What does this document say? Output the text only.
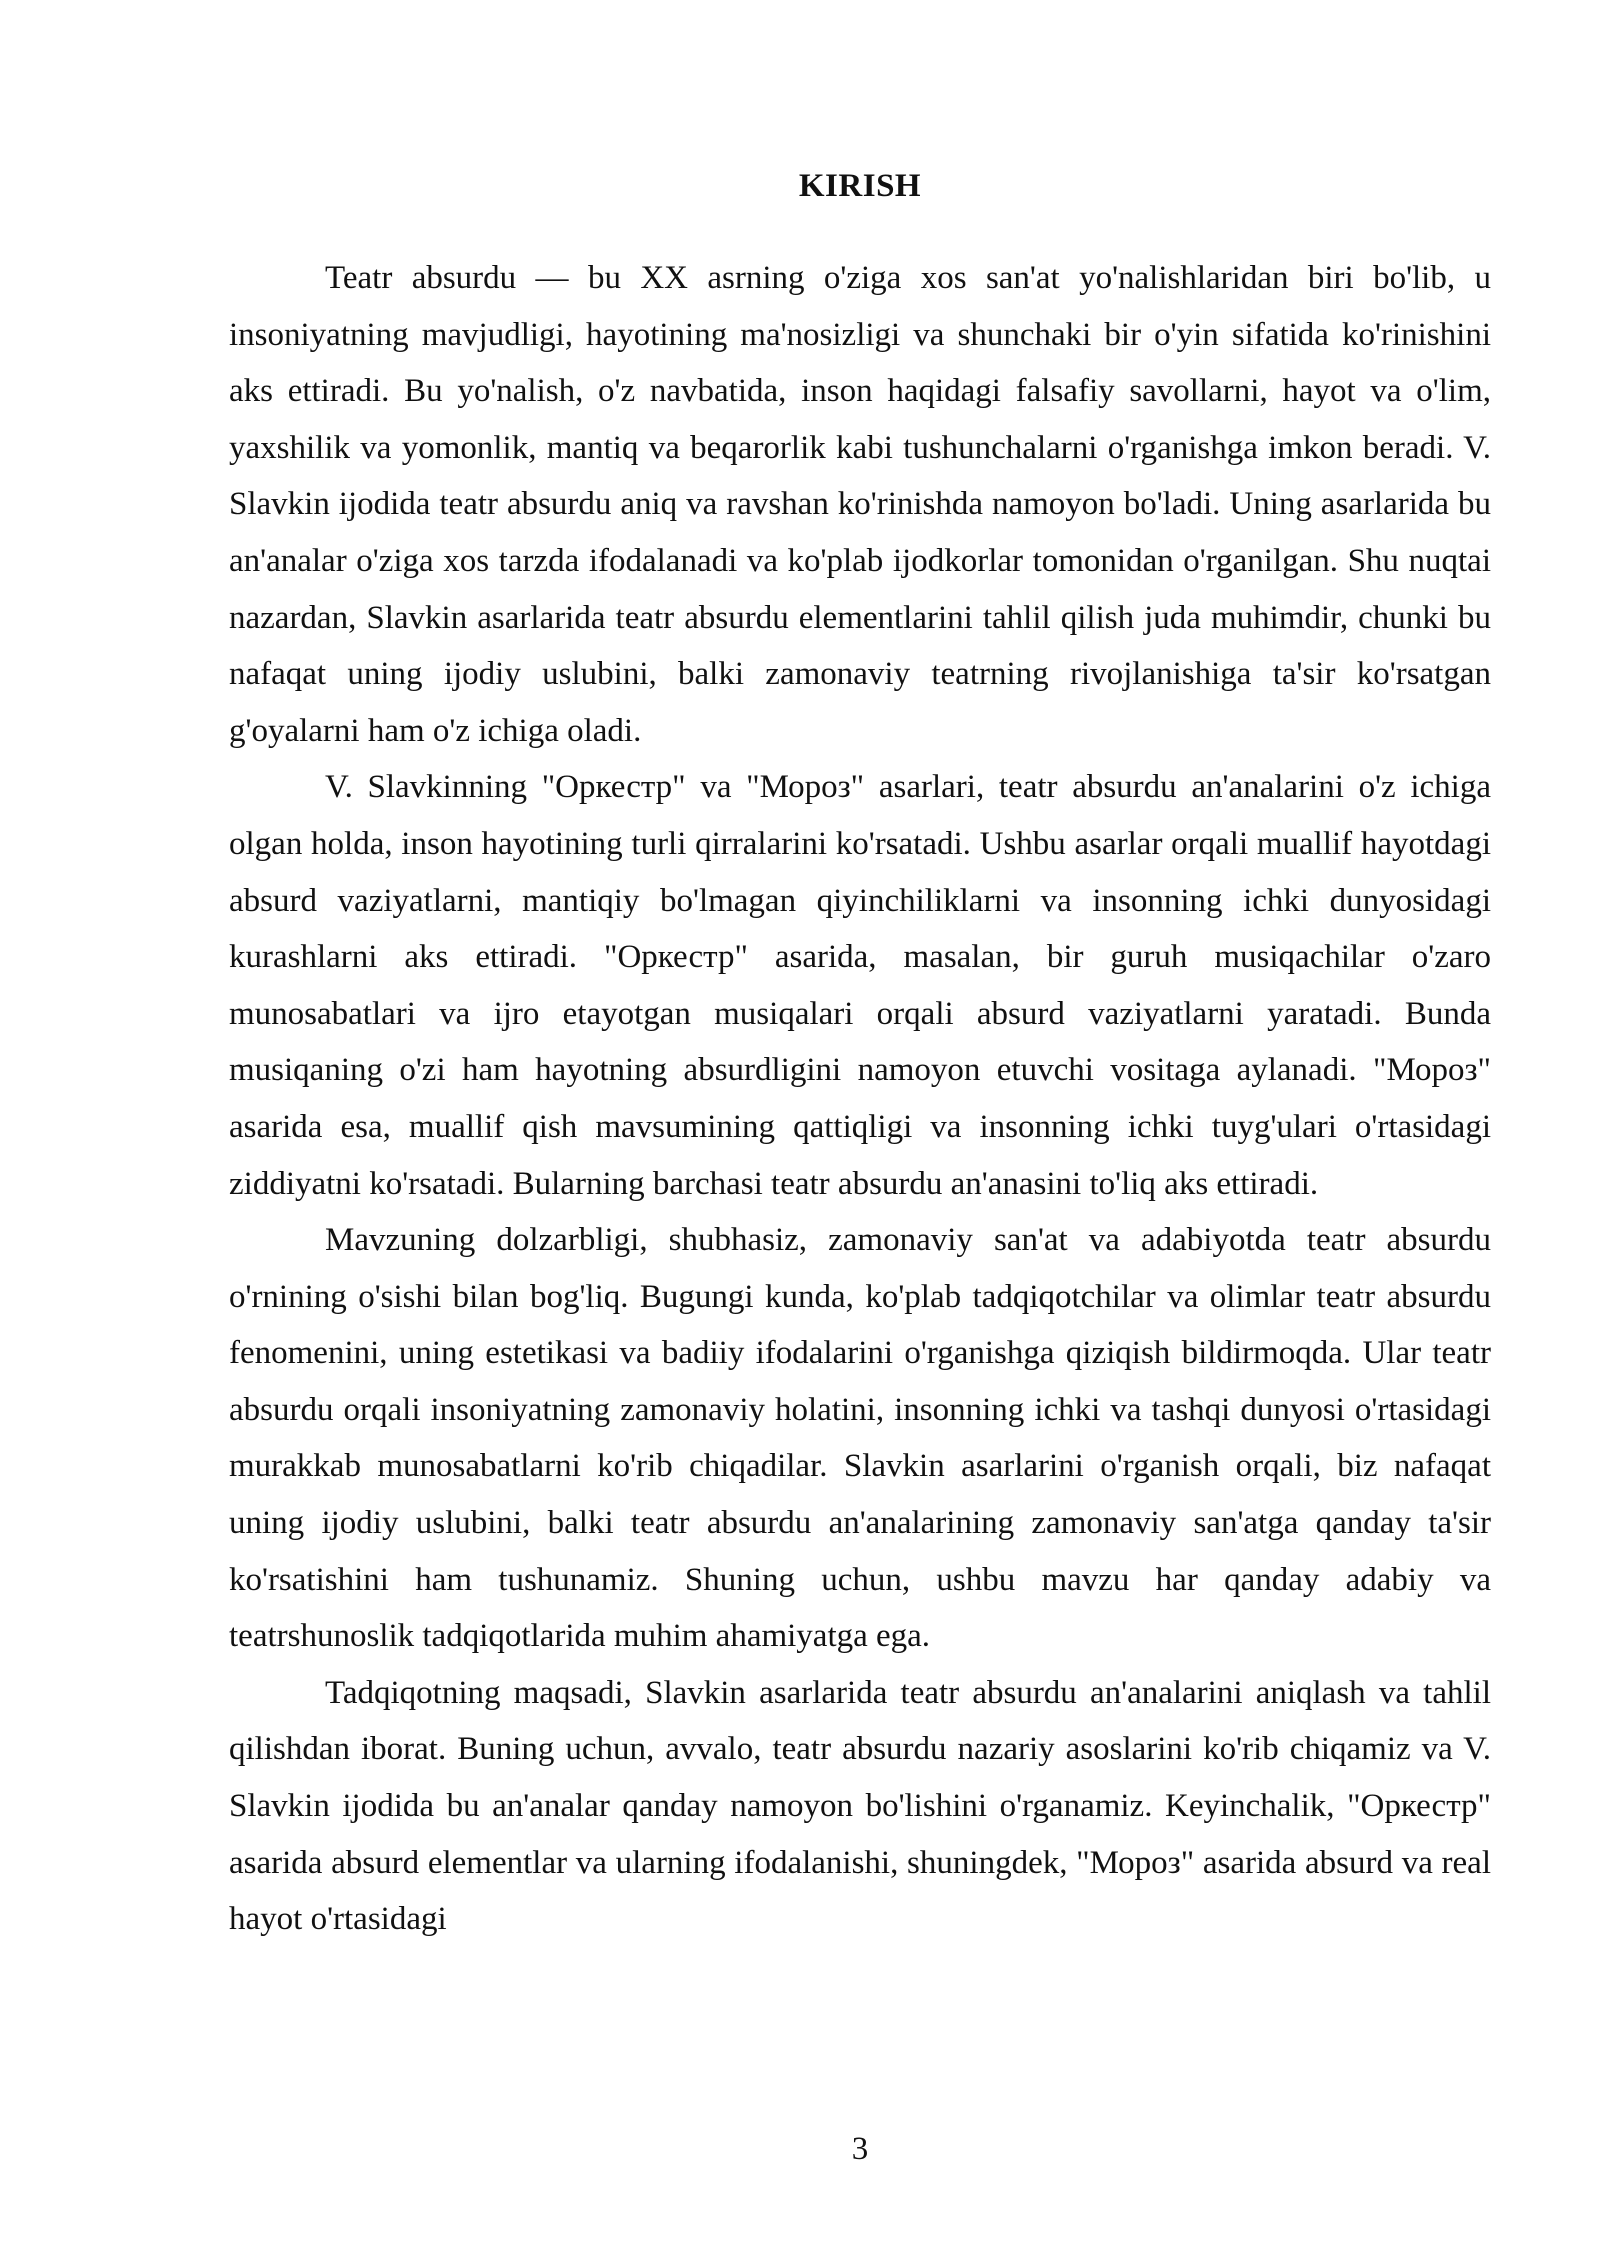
KIRISH

Teatr absurdu — bu XX asrning o'ziga xos san'at yo'nalishlaridan biri bo'lib, u insoniyatning mavjudligi, hayotining ma'nosizligi va shunchaki bir o'yin sifatida ko'rinishini aks ettiradi. Bu yo'nalish, o'z navbatida, inson haqidagi falsafiy savollarni, hayot va o'lim, yaxshilik va yomonlik, mantiq va beqarorlik kabi tushunchalarni o'rganishga imkon beradi. V. Slavkin ijodida teatr absurdu aniq va ravshan ko'rinishda namoyon bo'ladi. Uning asarlarida bu an'analar o'ziga xos tarzda ifodalanadi va ko'plab ijodkorlar tomonidan o'rganilgan. Shu nuqtai nazardan, Slavkin asarlarida teatr absurdu elementlarini tahlil qilish juda muhimdir, chunki bu nafaqat uning ijodiy uslubini, balki zamonaviy teatrning rivojlanishiga ta'sir ko'rsatgan g'oyalarni ham o'z ichiga oladi.

V. Slavkinning "Оркестр" va "Мороз" asarlari, teatr absurdu an'analarini o'z ichiga olgan holda, inson hayotining turli qirralarini ko'rsatadi. Ushbu asarlar orqali muallif hayotdagi absurd vaziyatlarni, mantiqiy bo'lmagan qiyinchiliklarni va insonning ichki dunyosidagi kurashlarni aks ettiradi. "Оркестр" asarida, masalan, bir guruh musiqachilar o'zaro munosabatlari va ijro etayotgan musiqalari orqali absurd vaziyatlarni yaratadi. Bunda musiqaning o'zi ham hayotning absurdligini namoyon etuvchi vositaga aylanadi. "Мороз" asarida esa, muallif qish mavsumining qattiqligi va insonning ichki tuyg'ulari o'rtasidagi ziddiyatni ko'rsatadi. Bularning barchasi teatr absurdu an'anasini to'liq aks ettiradi.

Mavzuning dolzarbligi, shubhasiz, zamonaviy san'at va adabiyotda teatr absurdu o'rnining o'sishi bilan bog'liq. Bugungi kunda, ko'plab tadqiqotchilar va olimlar teatr absurdu fenomenini, uning estetikasi va badiiy ifodalarini o'rganishga qiziqish bildirmoqda. Ular teatr absurdu orqali insoniyatning zamonaviy holatini, insonning ichki va tashqi dunyosi o'rtasidagi murakkab munosabatlarni ko'rib chiqadilar. Slavkin asarlarini o'rganish orqali, biz nafaqat uning ijodiy uslubini, balki teatr absurdu an'analarining zamonaviy san'atga qanday ta'sir ko'rsatishini ham tushunamiz. Shuning uchun, ushbu mavzu har qanday adabiy va teatrshunoslik tadqiqotlarida muhim ahamiyatga ega.

Tadqiqotning maqsadi, Slavkin asarlarida teatr absurdu an'analarini aniqlash va tahlil qilishdan iborat. Buning uchun, avvalo, teatr absurdu nazariy asoslarini ko'rib chiqamiz va V. Slavkin ijodida bu an'analar qanday namoyon bo'lishini o'rganamiz. Keyinchalik, "Оркестр" asarida absurd elementlar va ularning ifodalanishi, shuningdek, "Мороз" asarida absurd va real hayot o'rtasidagi

3
